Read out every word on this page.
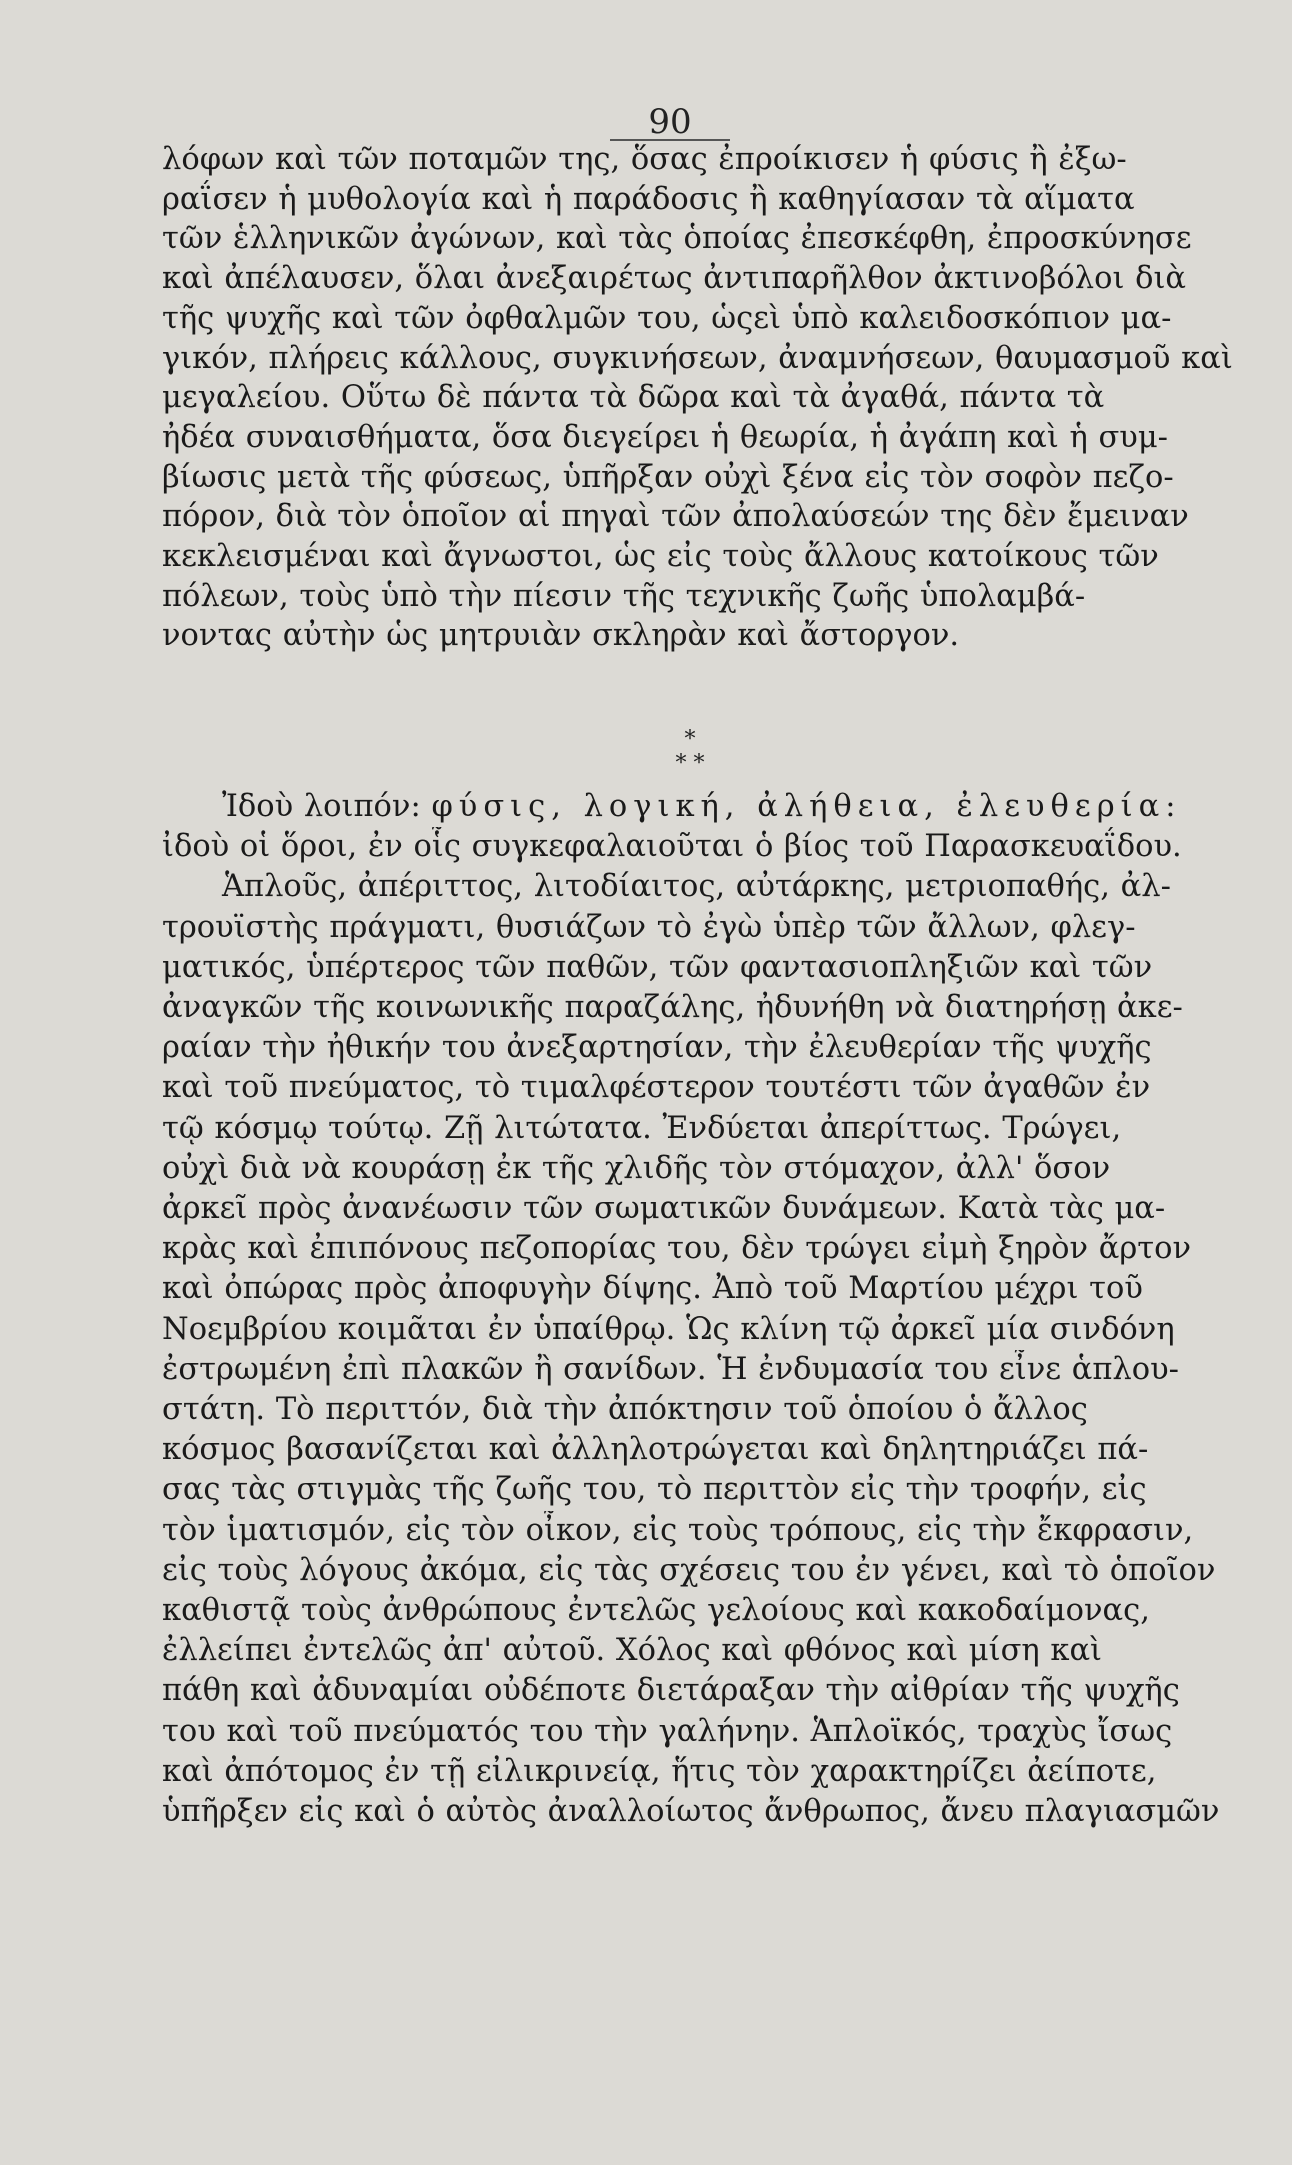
90
λόφων καὶ τῶν ποταμῶν της, ὅσας ἐπροίκισεν ἡ φύσις ἢ ἐξω-
ραΐσεν ἡ μυθολογία καὶ ἡ παράδοσις ἢ καθηγίασαν τὰ αἵματα
τῶν ἑλληνικῶν ἀγώνων, καὶ τὰς ὁποίας ἐπεσκέφθη, ἐπροσκύνησε
καὶ ἀπέλαυσεν, ὅλαι ἀνεξαιρέτως ἀντιπαρῆλθον ἀκτινοβόλοι διὰ
τῆς ψυχῆς καὶ τῶν ὀφθαλμῶν του, ὡςεὶ ὑπὸ καλειδοσκόπιον μα-
γικόν, πλήρεις κάλλους, συγκινήσεων, ἀναμνήσεων, θαυμασμοῦ καὶ
μεγαλείου. Οὕτω δὲ πάντα τὰ δῶρα καὶ τὰ ἀγαθά, πάντα τὰ
ἠδέα συναισθήματα, ὅσα διεγείρει ἡ θεωρία, ἡ ἀγάπη καὶ ἡ συμ-
βίωσις μετὰ τῆς φύσεως, ὑπῆρξαν οὐχὶ ξένα εἰς τὸν σοφὸν πεζο-
πόρον, διὰ τὸν ὁποῖον αἱ πηγαὶ τῶν ἀπολαύσεών της δὲν ἔμειναν
κεκλεισμέναι καὶ ἄγνωστοι, ὡς εἰς τοὺς ἄλλους κατοίκους τῶν
πόλεων, τοὺς ὑπὸ τὴν πίεσιν τῆς τεχνικῆς ζωῆς ὑπολαμβά-
νοντας αὐτὴν ὡς μητρυιὰν σκληρὰν καὶ ἄστοργον.
*
* *
Ἰδοὺ λοιπόν: φύσις, λογική, ἀλήθεια, ἐλευθερία:
ἰδοὺ οἱ ὅροι, ἐν οἷς συγκεφαλαιοῦται ὁ βίος τοῦ Παρασκευαΐδου.
Ἁπλοῦς, ἀπέριττος, λιτοδίαιτος, αὐτάρκης, μετριοπαθής, ἀλ-
τρουϊστὴς πράγματι, θυσιάζων τὸ ἐγὼ ὑπὲρ τῶν ἄλλων, φλεγ-
ματικός, ὑπέρτερος τῶν παθῶν, τῶν φαντασιοπληξιῶν καὶ τῶν
ἀναγκῶν τῆς κοινωνικῆς παραζάλης, ἠδυνήθη νὰ διατηρήσῃ ἀκε-
ραίαν τὴν ἠθικήν του ἀνεξαρτησίαν, τὴν ἐλευθερίαν τῆς ψυχῆς
καὶ τοῦ πνεύματος, τὸ τιμαλφέστερον τουτέστι τῶν ἀγαθῶν ἐν
τῷ κόσμῳ τούτῳ. Ζῇ λιτώτατα. Ἐνδύεται ἀπερίττως. Τρώγει,
οὐχὶ διὰ νὰ κουράσῃ ἐκ τῆς χλιδῆς τὸν στόμαχον, ἀλλ' ὅσον
ἀρκεῖ πρὸς ἀνανέωσιν τῶν σωματικῶν δυνάμεων. Κατὰ τὰς μα-
κρὰς καὶ ἐπιπόνους πεζοπορίας του, δὲν τρώγει εἰμὴ ξηρὸν ἄρτον
καὶ ὀπώρας πρὸς ἀποφυγὴν δίψης. Ἀπὸ τοῦ Μαρτίου μέχρι τοῦ
Νοεμβρίου κοιμᾶται ἐν ὑπαίθρῳ. Ὡς κλίνη τῷ ἀρκεῖ μία σινδόνη
ἐστρωμένη ἐπὶ πλακῶν ἢ σανίδων. Ἡ ἐνδυμασία του εἶνε ἁπλου-
στάτη. Τὸ περιττόν, διὰ τὴν ἀπόκτησιν τοῦ ὁποίου ὁ ἄλλος
κόσμος βασανίζεται καὶ ἀλληλοτρώγεται καὶ δηλητηριάζει πά-
σας τὰς στιγμὰς τῆς ζωῆς του, τὸ περιττὸν εἰς τὴν τροφήν, εἰς
τὸν ἱματισμόν, εἰς τὸν οἶκον, εἰς τοὺς τρόπους, εἰς τὴν ἔκφρασιν,
εἰς τοὺς λόγους ἀκόμα, εἰς τὰς σχέσεις του ἐν γένει, καὶ τὸ ὁποῖον
καθιστᾷ τοὺς ἀνθρώπους ἐντελῶς γελοίους καὶ κακοδαίμονας,
ἐλλείπει ἐντελῶς ἀπ' αὐτοῦ. Χόλος καὶ φθόνος καὶ μίση καὶ
πάθη καὶ ἀδυναμίαι οὐδέποτε διετάραξαν τὴν αἰθρίαν τῆς ψυχῆς
του καὶ τοῦ πνεύματός του τὴν γαλήνην. Ἁπλοϊκός, τραχὺς ἴσως
καὶ ἀπότομος ἐν τῇ εἰλικρινείᾳ, ἥτις τὸν χαρακτηρίζει ἀείποτε,
ὑπῆρξεν εἰς καὶ ὁ αὐτὸς ἀναλλοίωτος ἄνθρωπος, ἄνευ πλαγιασμῶν
